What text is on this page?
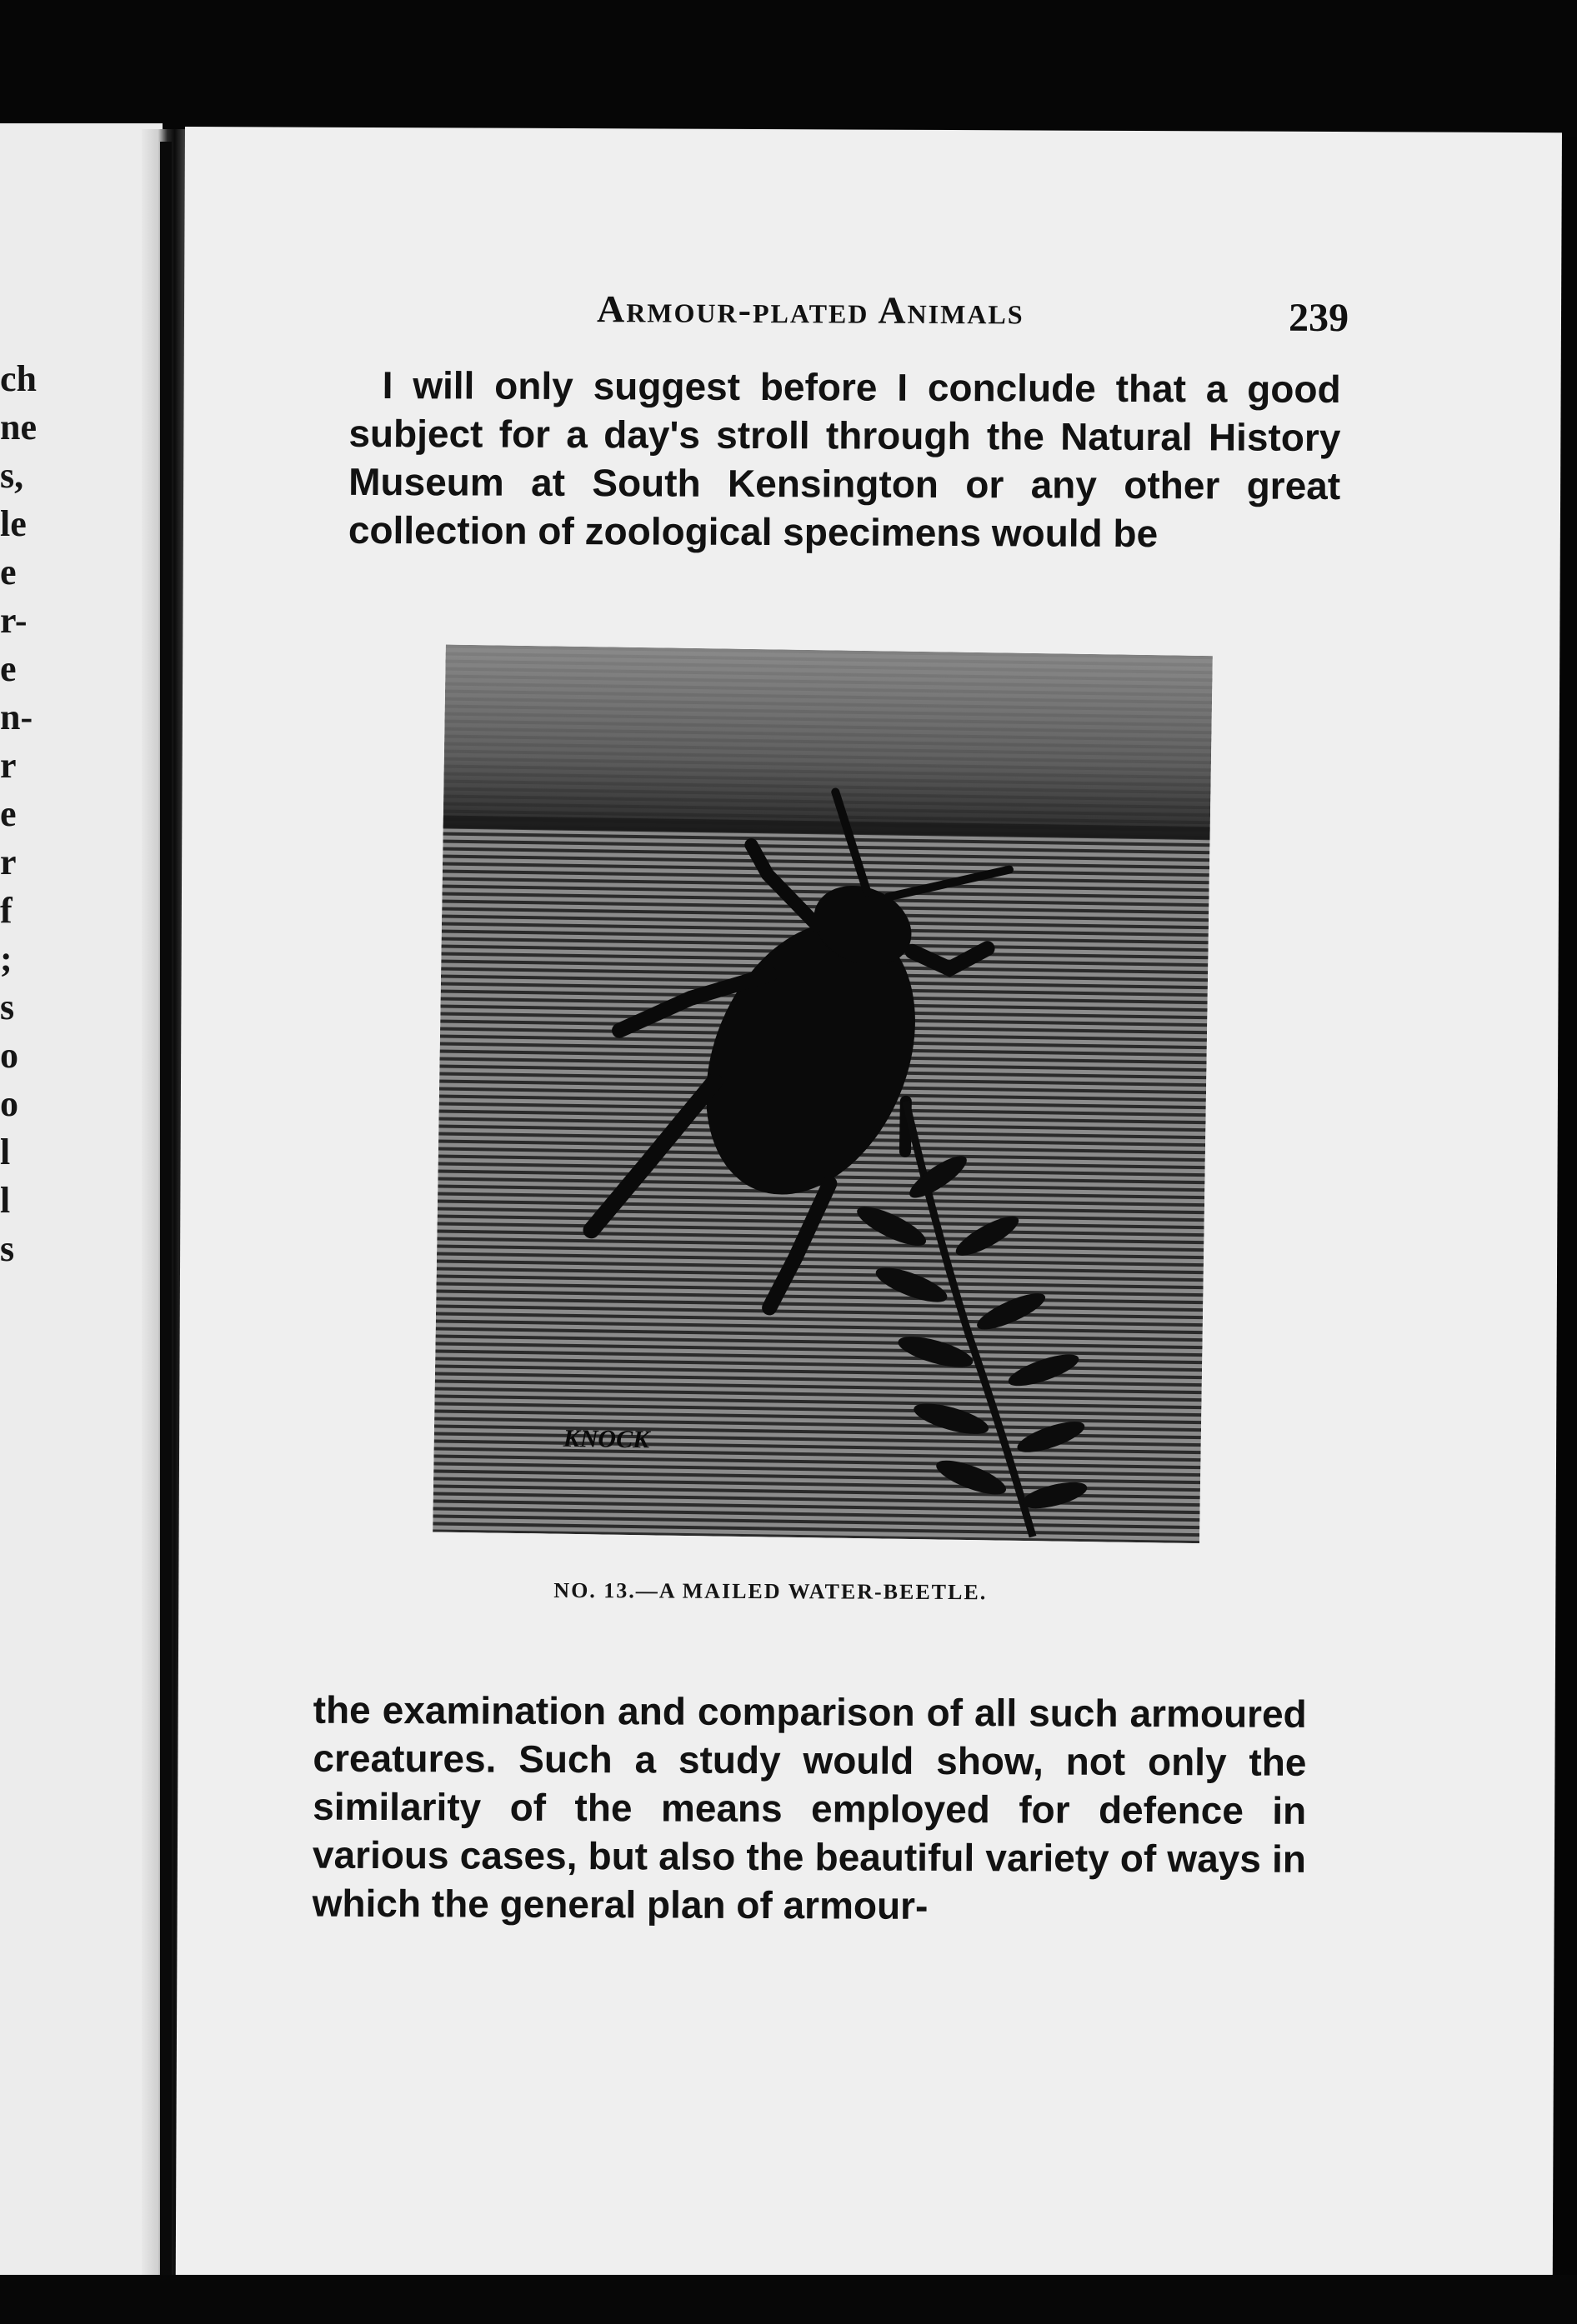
ch
ne
s,
le
e
r-
e
n-
r
e
r
f
;
s
o
o
l
l
s
Armour-plated Animals	239
I will only suggest before I conclude that a good subject for a day's stroll through the Natural History Museum at South Kensington or any other great collection of zoological specimens would be
KNOCK
NO. 13.—A MAILED WATER-BEETLE.
the examination and comparison of all such armoured creatures. Such a study would show, not only the similarity of the means employed for defence in various cases, but also the beautiful variety of ways in which the general plan of armour-
